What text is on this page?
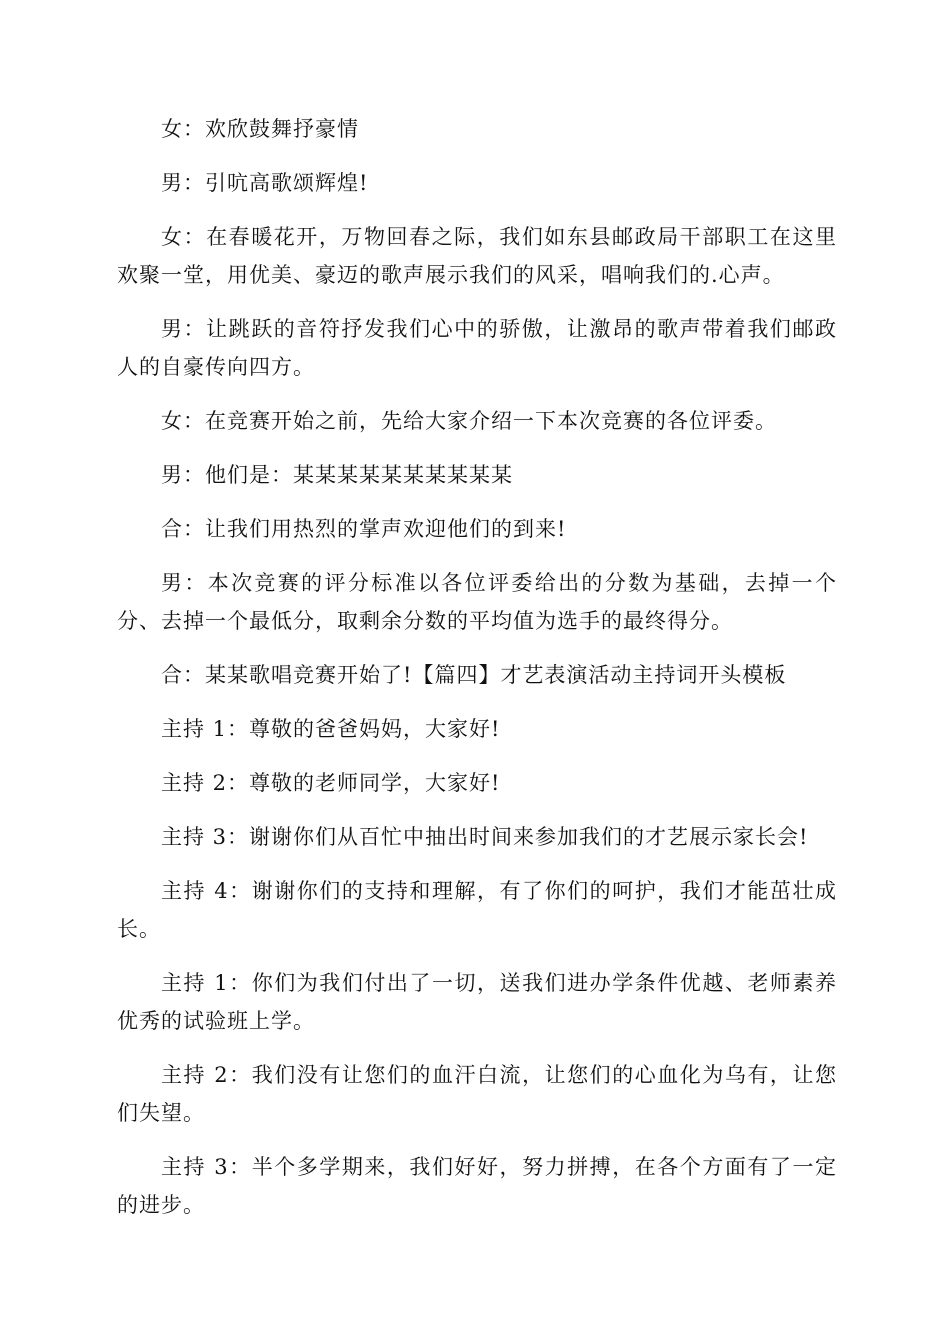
女：欢欣鼓舞抒豪情

男：引吭高歌颂辉煌!

女：在春暖花开，万物回春之际，我们如东县邮政局干部职工在这里欢聚一堂，用优美、豪迈的歌声展示我们的风采，唱响我们的.心声。

男：让跳跃的音符抒发我们心中的骄傲，让激昂的歌声带着我们邮政人的自豪传向四方。

女：在竞赛开始之前，先给大家介绍一下本次竞赛的各位评委。

男：他们是：某某某某某某某某某某

合：让我们用热烈的掌声欢迎他们的到来!

男：本次竞赛的评分标准以各位评委给出的分数为基础，去掉一个分、去掉一个最低分，取剩余分数的平均值为选手的最终得分。

合：某某歌唱竞赛开始了!【篇四】才艺表演活动主持词开头模板

主持 1：尊敬的爸爸妈妈，大家好!

主持 2：尊敬的老师同学，大家好!

主持 3：谢谢你们从百忙中抽出时间来参加我们的才艺展示家长会!

主持 4：谢谢你们的支持和理解，有了你们的呵护，我们才能茁壮成长。

主持 1：你们为我们付出了一切，送我们进办学条件优越、老师素养优秀的试验班上学。

主持 2：我们没有让您们的血汗白流，让您们的心血化为乌有，让您们失望。

主持 3：半个多学期来，我们好好，努力拼搏，在各个方面有了一定的进步。
